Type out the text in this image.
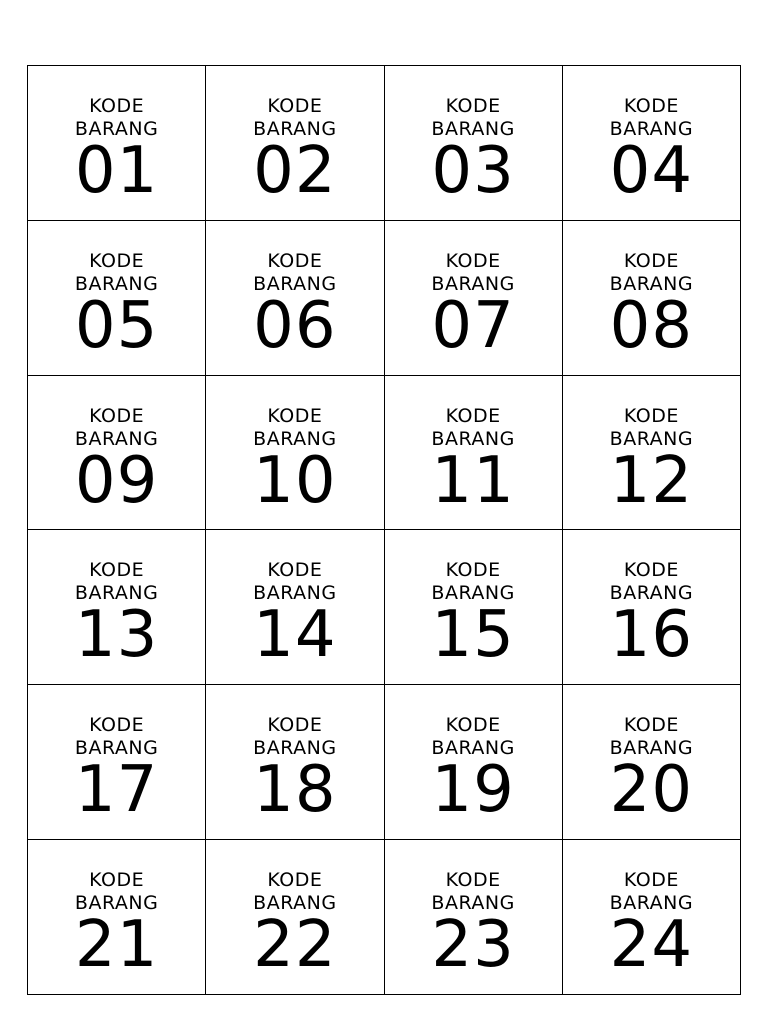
KODE
BARANG
01
KODE
BARANG
02
KODE
BARANG
03
KODE
BARANG
04
KODE
BARANG
05
KODE
BARANG
06
KODE
BARANG
07
KODE
BARANG
08
KODE
BARANG
09
KODE
BARANG
10
KODE
BARANG
11
KODE
BARANG
12
KODE
BARANG
13
KODE
BARANG
14
KODE
BARANG
15
KODE
BARANG
16
KODE
BARANG
17
KODE
BARANG
18
KODE
BARANG
19
KODE
BARANG
20
KODE
BARANG
21
KODE
BARANG
22
KODE
BARANG
23
KODE
BARANG
24
